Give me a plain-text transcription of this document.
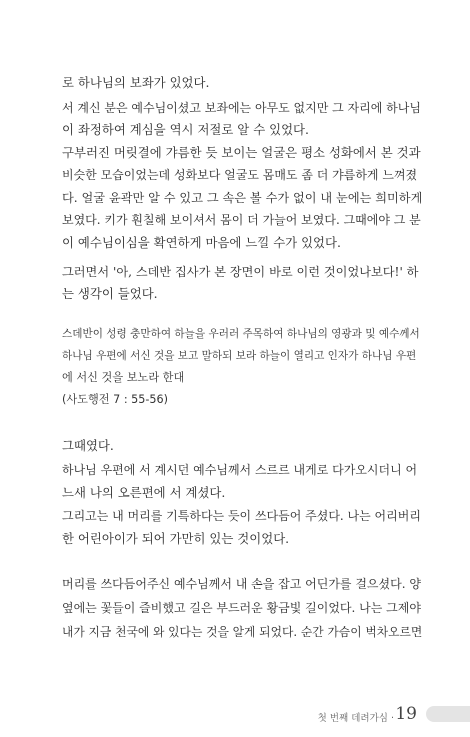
로 하나님의 보좌가 있었다.
서 계신 분은 예수님이셨고 보좌에는 아무도 없지만 그 자리에 하나님
이 좌정하여 계심을 역시 저절로 알 수 있었다.
구부러진 머릿결에 갸름한 듯 보이는 얼굴은 평소 성화에서 본 것과
비슷한 모습이었는데 성화보다 얼굴도 몸매도 좀 더 갸름하게 느껴졌
다. 얼굴 윤곽만 알 수 있고 그 속은 볼 수가 없이 내 눈에는 희미하게
보였다. 키가 훤칠해 보이셔서 몸이 더 가늘어 보였다. 그때에야 그 분
이 예수님이심을 확연하게 마음에 느낄 수가 있었다.
그러면서 '아, 스데반 집사가 본 장면이 바로 이런 것이었나보다!' 하
는 생각이 들었다.
스데반이 성령 충만하여 하늘을 우러러 주목하여 하나님의 영광과 및 예수께서
하나님 우편에 서신 것을 보고 말하되 보라 하늘이 열리고 인자가 하나님 우편
에 서신 것을 보노라 한대
(사도행전 7 : 55-56)
그때였다.
하나님 우편에 서 계시던 예수님께서 스르르 내게로 다가오시더니 어
느새 나의 오른편에 서 계셨다.
그리고는 내 머리를 기특하다는 듯이 쓰다듬어 주셨다. 나는 어리버리
한 어린아이가 되어 가만히 있는 것이었다.
머리를 쓰다듬어주신 예수님께서 내 손을 잡고 어딘가를 걸으셨다. 양
옆에는 꽃들이 즐비했고 길은 부드러운 황금빛 길이었다. 나는 그제야
내가 지금 천국에 와 있다는 것을 알게 되었다. 순간 가슴이 벅차오르면
첫 번째 데려가심 · 19
